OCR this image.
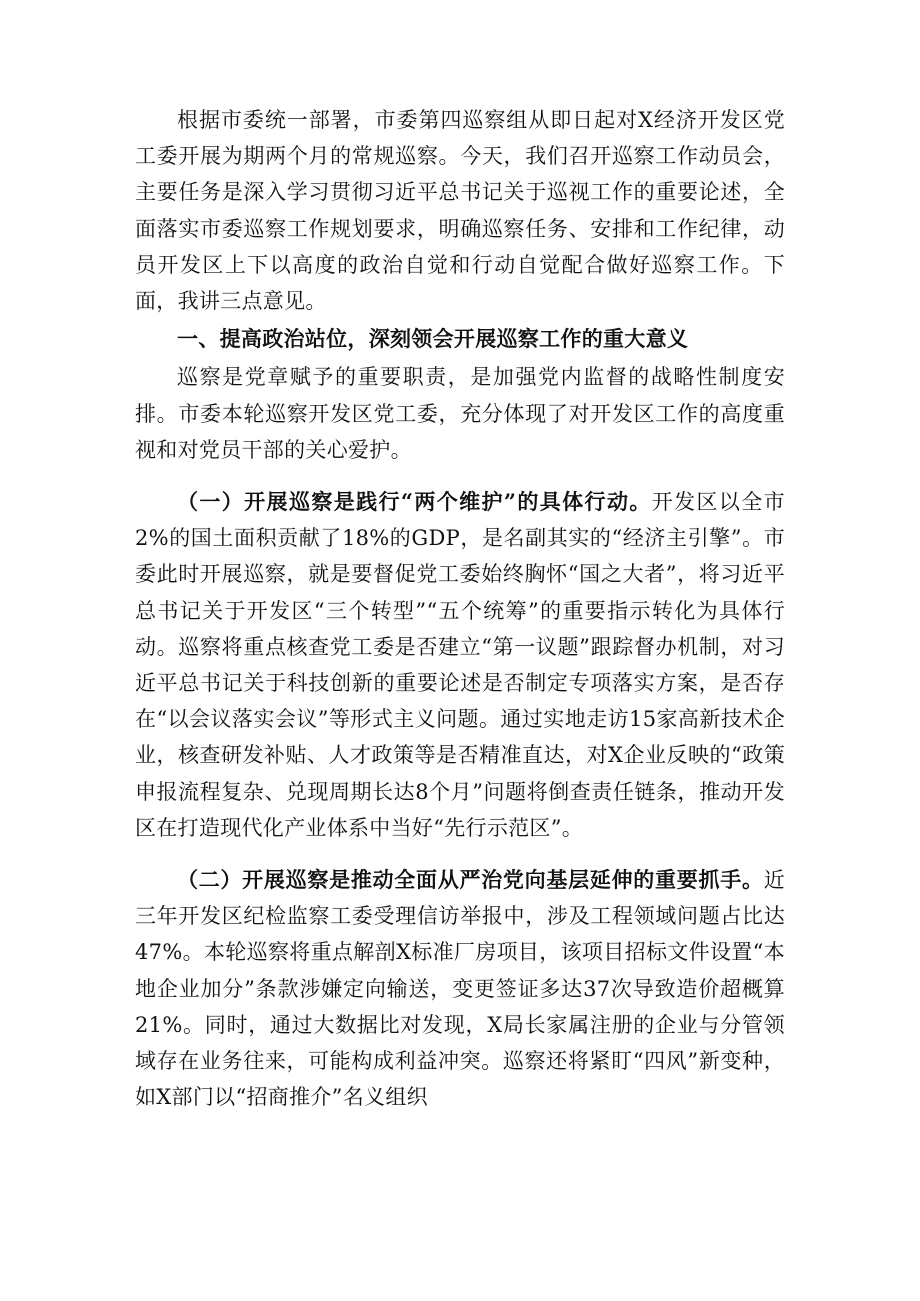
根据市委统一部署，市委第四巡察组从即日起对X经济开发区党工委开展为期两个月的常规巡察。今天，我们召开巡察工作动员会，主要任务是深入学习贯彻习近平总书记关于巡视工作的重要论述，全面落实市委巡察工作规划要求，明确巡察任务、安排和工作纪律，动员开发区上下以高度的政治自觉和行动自觉配合做好巡察工作。下面，我讲三点意见。

一、提高政治站位，深刻领会开展巡察工作的重大意义

巡察是党章赋予的重要职责，是加强党内监督的战略性制度安排。市委本轮巡察开发区党工委，充分体现了对开发区工作的高度重视和对党员干部的关心爱护。

（一）开展巡察是践行“两个维护”的具体行动。开发区以全市2%的国土面积贡献了18%的GDP，是名副其实的“经济主引擎”。市委此时开展巡察，就是要督促党工委始终胸怀“国之大者”，将习近平总书记关于开发区“三个转型”“五个统筹”的重要指示转化为具体行动。巡察将重点核查党工委是否建立“第一议题”跟踪督办机制，对习近平总书记关于科技创新的重要论述是否制定专项落实方案，是否存在“以会议落实会议”等形式主义问题。通过实地走访15家高新技术企业，核查研发补贴、人才政策等是否精准直达，对X企业反映的“政策申报流程复杂、兑现周期长达8个月”问题将倒查责任链条，推动开发区在打造现代化产业体系中当好“先行示范区”。

（二）开展巡察是推动全面从严治党向基层延伸的重要抓手。近三年开发区纪检监察工委受理信访举报中，涉及工程领域问题占比达47%。本轮巡察将重点解剖X标准厂房项目，该项目招标文件设置“本地企业加分”条款涉嫌定向输送，变更签证多达37次导致造价超概算21%。同时，通过大数据比对发现，X局长家属注册的企业与分管领域存在业务往来，可能构成利益冲突。巡察还将紧盯“四风”新变种，如X部门以“招商推介”名义组织
